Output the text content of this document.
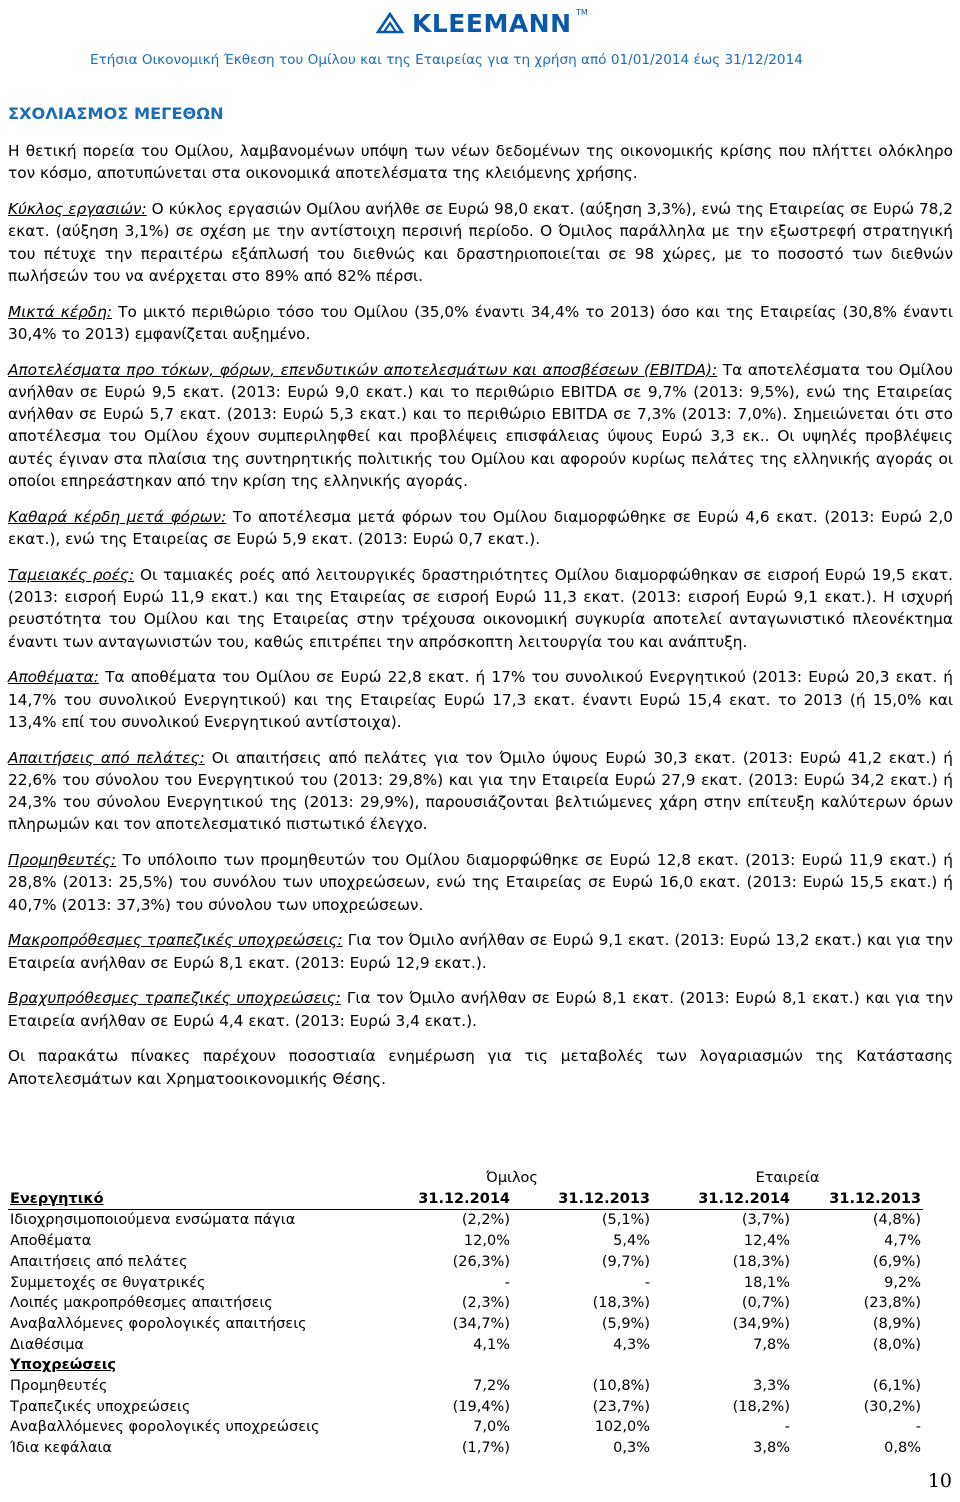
KLEEMANN TM
Ετήσια Οικονομική Έκθεση του Ομίλου και της Εταιρείας για τη χρήση από 01/01/2014 έως 31/12/2014
ΣΧΟΛΙΑΣΜΟΣ ΜΕΓΕΘΩΝ

Η θετική πορεία του Ομίλου, λαμβανομένων υπόψη των νέων δεδομένων της οικονομικής κρίσης που πλήττει ολόκληρο τον κόσμο, αποτυπώνεται στα οικονομικά αποτελέσματα της κλειόμενης χρήσης.

Κύκλος εργασιών: Ο κύκλος εργασιών Ομίλου ανήλθε σε Ευρώ 98,0 εκατ. (αύξηση 3,3%), ενώ της Εταιρείας σε Ευρώ 78,2 εκατ. (αύξηση 3,1%) σε σχέση με την αντίστοιχη περσινή περίοδο. Ο Όμιλος παράλληλα με την εξωστρεφή στρατηγική του πέτυχε την περαιτέρω εξάπλωσή του διεθνώς και δραστηριοποιείται σε 98 χώρες, με το ποσοστό των διεθνών πωλήσεών του να ανέρχεται στο 89% από 82% πέρσι.

Μικτά κέρδη: Το μικτό περιθώριο τόσο του Ομίλου (35,0% έναντι 34,4% το 2013) όσο και της Εταιρείας (30,8% έναντι 30,4% το 2013) εμφανίζεται αυξημένο.

Αποτελέσματα προ τόκων, φόρων, επενδυτικών αποτελεσμάτων και αποσβέσεων (EBITDA): Τα αποτελέσματα του Ομίλου ανήλθαν σε Ευρώ 9,5 εκατ. (2013: Ευρώ 9,0 εκατ.) και το περιθώριο EBITDA σε 9,7% (2013: 9,5%), ενώ της Εταιρείας ανήλθαν σε Ευρώ 5,7 εκατ. (2013: Ευρώ 5,3 εκατ.) και το περιθώριο EBITDA σε 7,3% (2013: 7,0%). Σημειώνεται ότι στο αποτέλεσμα του Ομίλου έχουν συμπεριληφθεί και προβλέψεις επισφάλειας ύψους Ευρώ 3,3 εκ.. Οι υψηλές προβλέψεις αυτές έγιναν στα πλαίσια της συντηρητικής πολιτικής του Ομίλου και αφορούν κυρίως πελάτες της ελληνικής αγοράς οι οποίοι επηρεάστηκαν από την κρίση της ελληνικής αγοράς.

Καθαρά κέρδη μετά φόρων: Το αποτέλεσμα μετά φόρων του Ομίλου διαμορφώθηκε σε Ευρώ 4,6 εκατ. (2013: Ευρώ 2,0 εκατ.), ενώ της Εταιρείας σε Ευρώ 5,9 εκατ. (2013: Ευρώ 0,7 εκατ.).

Ταμειακές ροές: Οι ταμιακές ροές από λειτουργικές δραστηριότητες Ομίλου διαμορφώθηκαν σε εισροή Ευρώ 19,5 εκατ. (2013: εισροή Ευρώ 11,9 εκατ.) και της Εταιρείας σε εισροή Ευρώ 11,3 εκατ. (2013: εισροή Ευρώ 9,1 εκατ.). Η ισχυρή ρευστότητα του Ομίλου και της Εταιρείας στην τρέχουσα οικονομική συγκυρία αποτελεί ανταγωνιστικό πλεονέκτημα έναντι των ανταγωνιστών του, καθώς επιτρέπει την απρόσκοπτη λειτουργία του και ανάπτυξη.

Αποθέματα: Τα αποθέματα του Ομίλου σε Ευρώ 22,8 εκατ. ή 17% του συνολικού Ενεργητικού (2013: Ευρώ 20,3 εκατ. ή 14,7% του συνολικού Ενεργητικού) και της Εταιρείας Ευρώ 17,3 εκατ. έναντι Ευρώ 15,4 εκατ. το 2013 (ή 15,0% και 13,4% επί του συνολικού Ενεργητικού αντίστοιχα).

Απαιτήσεις από πελάτες: Οι απαιτήσεις από πελάτες για τον Όμιλο ύψους Ευρώ 30,3 εκατ. (2013: Ευρώ 41,2 εκατ.) ή 22,6% του σύνολου του Ενεργητικού του (2013: 29,8%) και για την Εταιρεία Ευρώ 27,9 εκατ. (2013: Ευρώ 34,2 εκατ.) ή 24,3% του σύνολου Ενεργητικού της (2013: 29,9%), παρουσιάζονται βελτιώμενες χάρη στην επίτευξη καλύτερων όρων πληρωμών και τον αποτελεσματικό πιστωτικό έλεγχο.

Προμηθευτές: Το υπόλοιπο των προμηθευτών του Ομίλου διαμορφώθηκε σε Ευρώ 12,8 εκατ. (2013: Ευρώ 11,9 εκατ.) ή 28,8% (2013: 25,5%) του συνόλου των υποχρεώσεων, ενώ της Εταιρείας σε Ευρώ 16,0 εκατ. (2013: Ευρώ 15,5 εκατ.) ή 40,7% (2013: 37,3%) του σύνολου των υποχρεώσεων.

Μακροπρόθεσμες τραπεζικές υποχρεώσεις: Για τον Όμιλο ανήλθαν σε Ευρώ 9,1 εκατ. (2013: Ευρώ 13,2 εκατ.) και για την Εταιρεία ανήλθαν σε Ευρώ 8,1 εκατ. (2013: Ευρώ 12,9 εκατ.).

Βραχυπρόθεσμες τραπεζικές υποχρεώσεις: Για τον Όμιλο ανήλθαν σε Ευρώ 8,1 εκατ. (2013: Ευρώ 8,1 εκατ.) και για την Εταιρεία ανήλθαν σε Ευρώ 4,4 εκατ. (2013: Ευρώ 3,4 εκατ.).

Οι παρακάτω πίνακες παρέχουν ποσοστιαία ενημέρωση για τις μεταβολές των λογαριασμών της Κατάστασης Αποτελεσμάτων και Χρηματοοικονομικής Θέσης.

	Όμιλος		Εταιρεία	
Ενεργητικό	31.12.2014	31.12.2013	31.12.2014	31.12.2013
Ιδιοχρησιμοποιούμενα ενσώματα πάγια	(2,2%)	(5,1%)	(3,7%)	(4,8%)
Αποθέματα	12,0%	5,4%	12,4%	4,7%
Απαιτήσεις από πελάτες	(26,3%)	(9,7%)	(18,3%)	(6,9%)
Συμμετοχές σε θυγατρικές	-	-	18,1%	9,2%
Λοιπές μακροπρόθεσμες απαιτήσεις	(2,3%)	(18,3%)	(0,7%)	(23,8%)
Αναβαλλόμενες φορολογικές απαιτήσεις	(34,7%)	(5,9%)	(34,9%)	(8,9%)
Διαθέσιμα	4,1%	4,3%	7,8%	(8,0%)
Υποχρεώσεις				
Προμηθευτές	7,2%	(10,8%)	3,3%	(6,1%)
Τραπεζικές υποχρεώσεις	(19,4%)	(23,7%)	(18,2%)	(30,2%)
Αναβαλλόμενες φορολογικές υποχρεώσεις	7,0%	102,0%	-	-
Ίδια κεφάλαια	(1,7%)	0,3%	3,8%	0,8%
10
